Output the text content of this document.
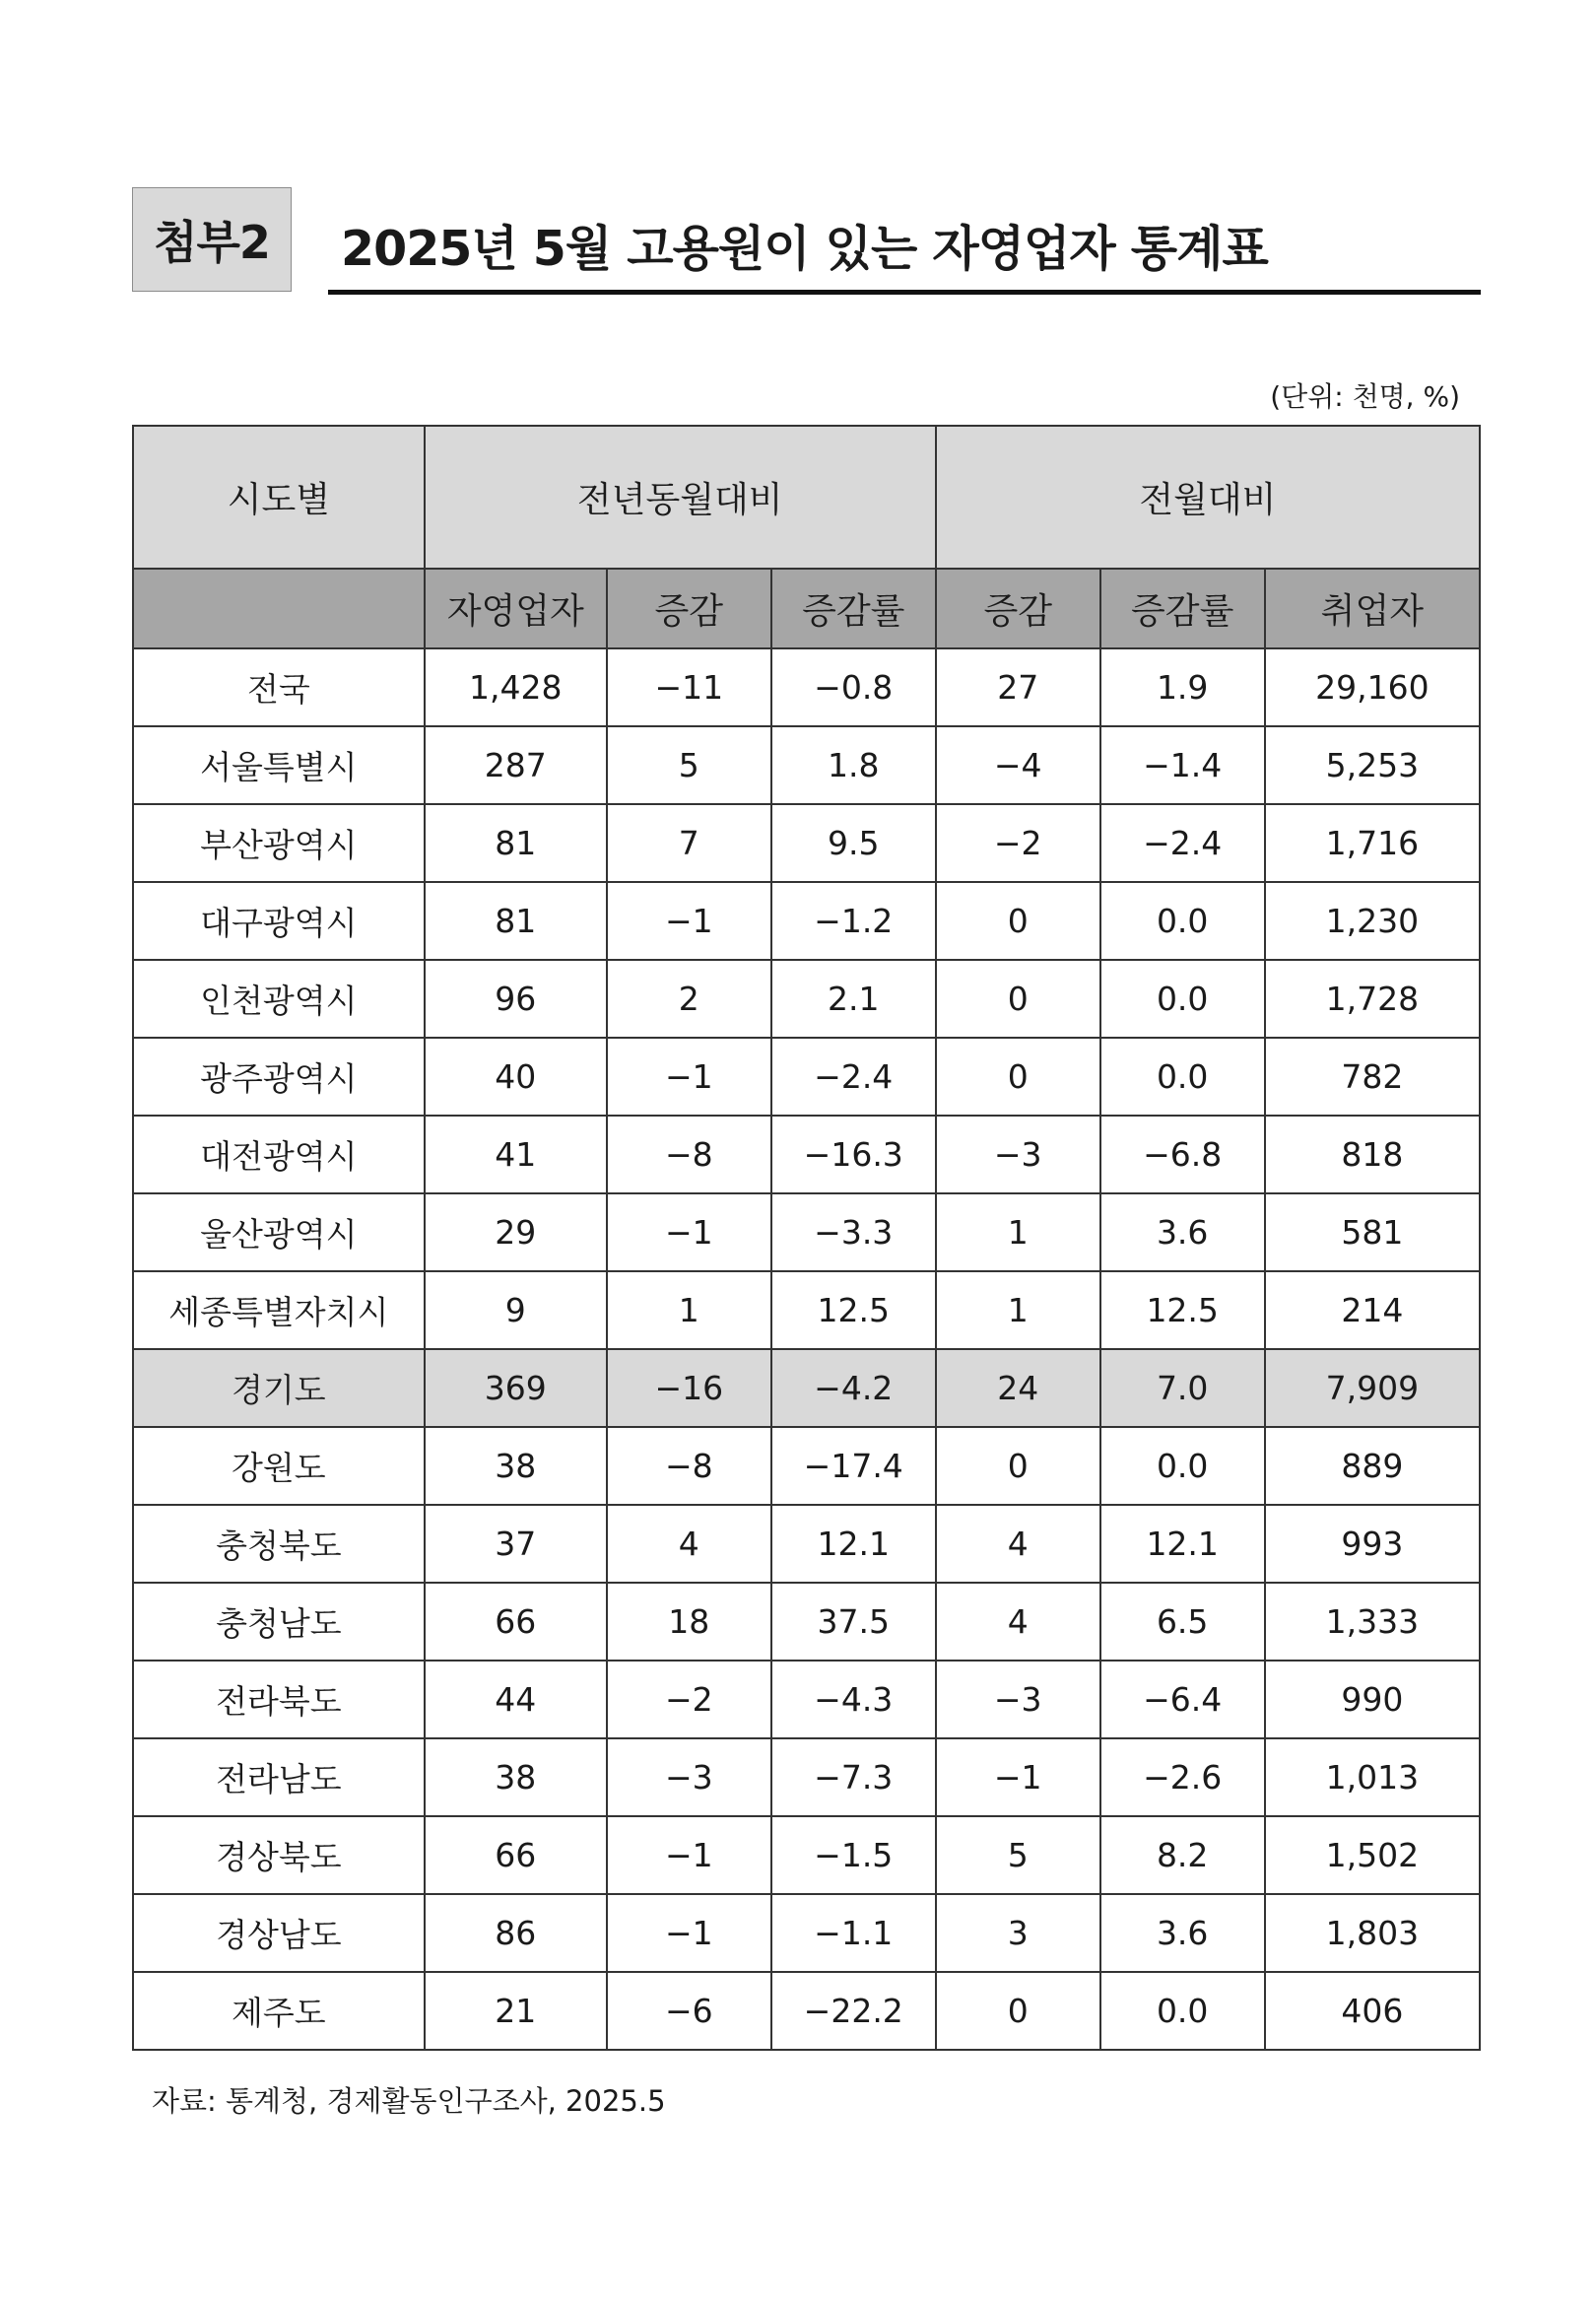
첨부2	2025년 5월 고용원이 있는 자영업자 통계표
(단위: 천명, %)
시도별	전년동월대비			전월대비		
	자영업자	증감	증감률	증감	증감률	취업자
전국	1,428	−11	−0.8	27	1.9	29,160
서울특별시	287	5	1.8	−4	−1.4	5,253
부산광역시	81	7	9.5	−2	−2.4	1,716
대구광역시	81	−1	−1.2	0	0.0	1,230
인천광역시	96	2	2.1	0	0.0	1,728
광주광역시	40	−1	−2.4	0	0.0	782
대전광역시	41	−8	−16.3	−3	−6.8	818
울산광역시	29	−1	−3.3	1	3.6	581
세종특별자치시	9	1	12.5	1	12.5	214
경기도	369	−16	−4.2	24	7.0	7,909
강원도	38	−8	−17.4	0	0.0	889
충청북도	37	4	12.1	4	12.1	993
충청남도	66	18	37.5	4	6.5	1,333
전라북도	44	−2	−4.3	−3	−6.4	990
전라남도	38	−3	−7.3	−1	−2.6	1,013
경상북도	66	−1	−1.5	5	8.2	1,502
경상남도	86	−1	−1.1	3	3.6	1,803
제주도	21	−6	−22.2	0	0.0	406
자료: 통계청, 경제활동인구조사, 2025.5
